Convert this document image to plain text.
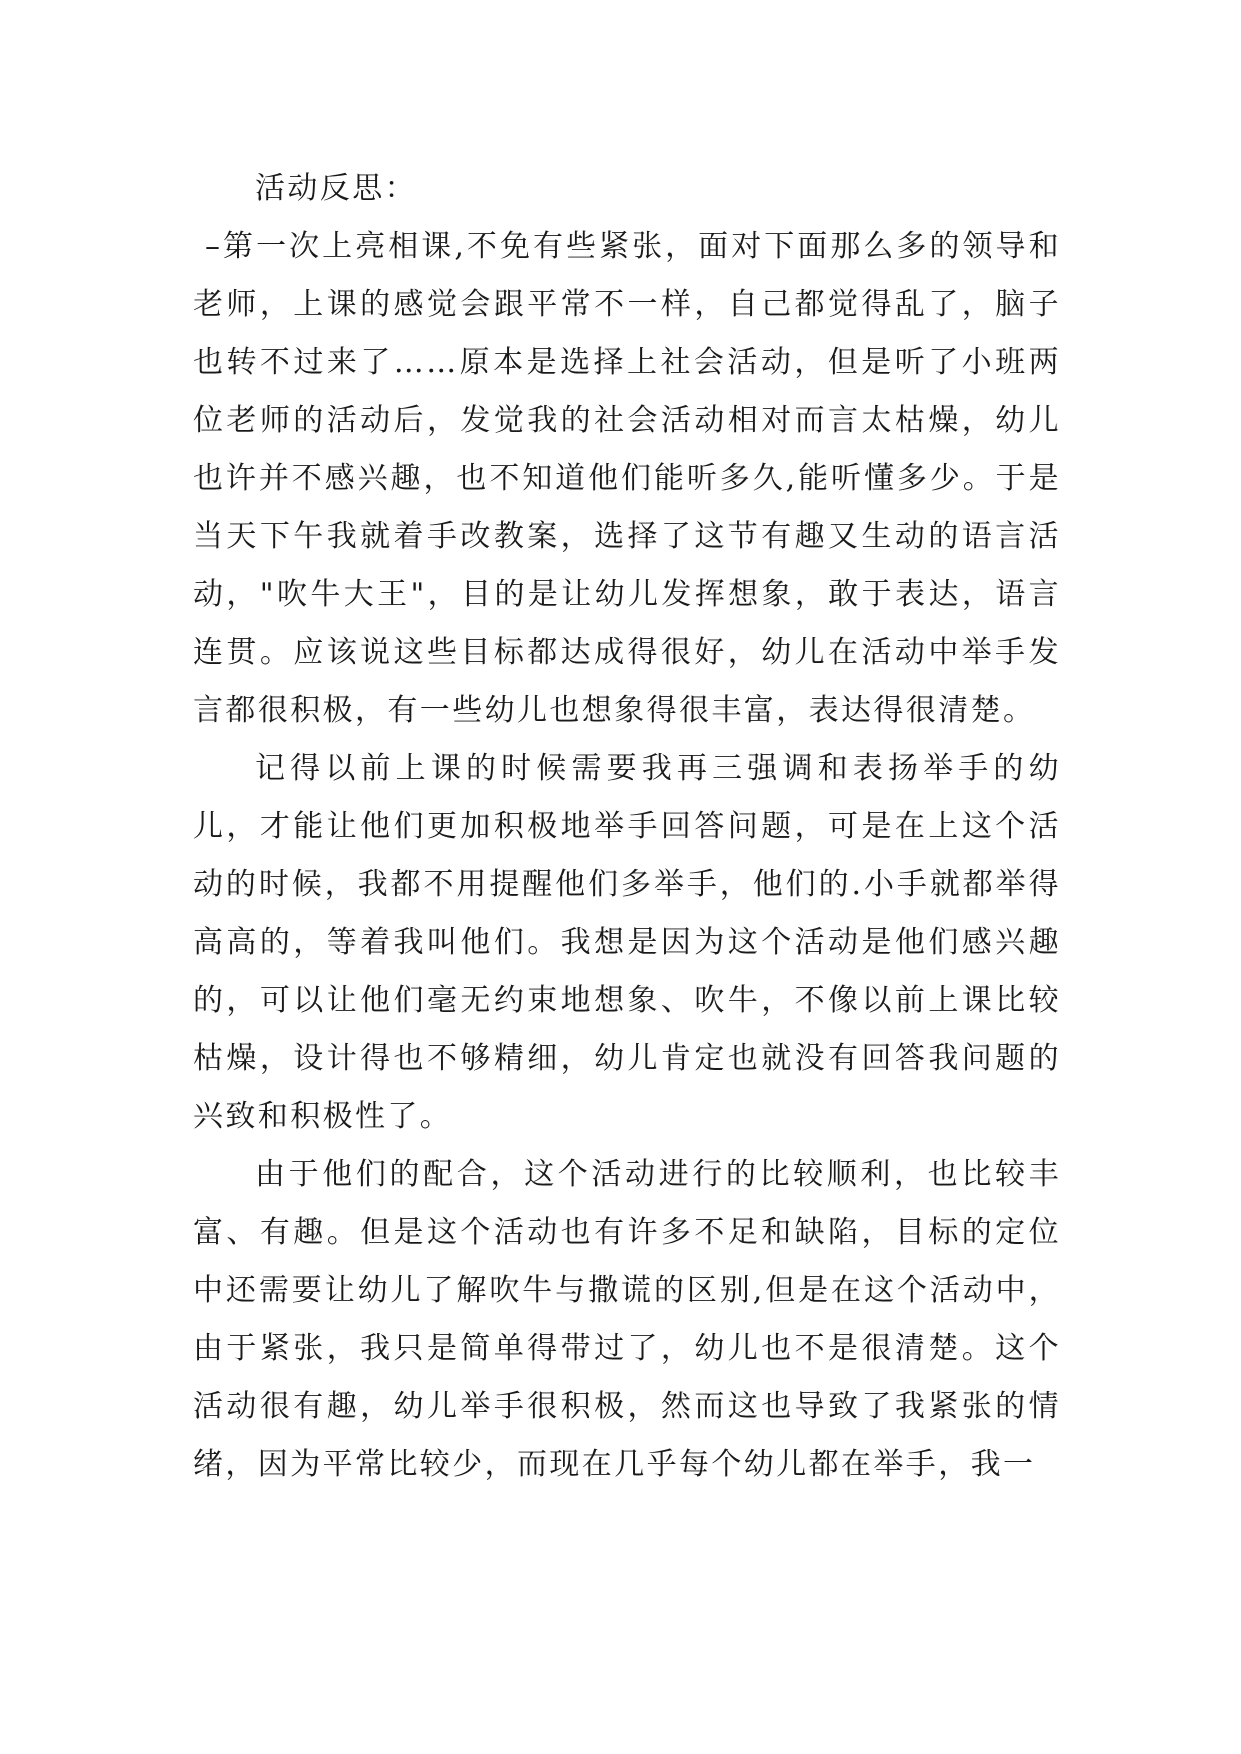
活动反思：

–第一次上亮相课,不免有些紧张，面对下面那么多的领导和老师，上课的感觉会跟平常不一样，自己都觉得乱了，脑子也转不过来了……原本是选择上社会活动，但是听了小班两位老师的活动后，发觉我的社会活动相对而言太枯燥，幼儿也许并不感兴趣，也不知道他们能听多久,能听懂多少。于是当天下午我就着手改教案，选择了这节有趣又生动的语言活动，"吹牛大王"，目的是让幼儿发挥想象，敢于表达，语言连贯。应该说这些目标都达成得很好，幼儿在活动中举手发言都很积极，有一些幼儿也想象得很丰富，表达得很清楚。

记得以前上课的时候需要我再三强调和表扬举手的幼儿，才能让他们更加积极地举手回答问题，可是在上这个活动的时候，我都不用提醒他们多举手，他们的.小手就都举得高高的，等着我叫他们。我想是因为这个活动是他们感兴趣的，可以让他们毫无约束地想象、吹牛，不像以前上课比较枯燥，设计得也不够精细，幼儿肯定也就没有回答我问题的兴致和积极性了。

由于他们的配合，这个活动进行的比较顺利，也比较丰富、有趣。但是这个活动也有许多不足和缺陷，目标的定位中还需要让幼儿了解吹牛与撒谎的区别,但是在这个活动中，由于紧张，我只是简单得带过了，幼儿也不是很清楚。这个活动很有趣，幼儿举手很积极，然而这也导致了我紧张的情绪，因为平常比较少，而现在几乎每个幼儿都在举手，我一
